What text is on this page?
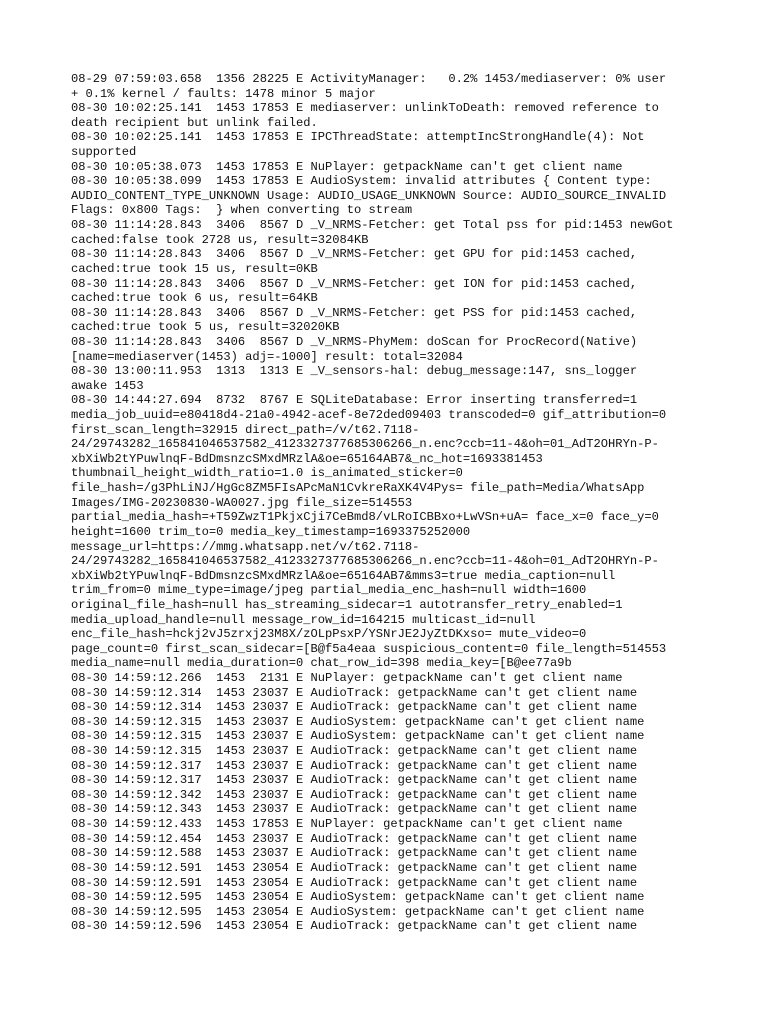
08-29 07:59:03.658  1356 28225 E ActivityManager:   0.2% 1453/mediaserver: 0% user
+ 0.1% kernel / faults: 1478 minor 5 major
08-30 10:02:25.141  1453 17853 E mediaserver: unlinkToDeath: removed reference to
death recipient but unlink failed.
08-30 10:02:25.141  1453 17853 E IPCThreadState: attemptIncStrongHandle(4): Not
supported
08-30 10:05:38.073  1453 17853 E NuPlayer: getpackName can't get client name
08-30 10:05:38.099  1453 17853 E AudioSystem: invalid attributes { Content type:
AUDIO_CONTENT_TYPE_UNKNOWN Usage: AUDIO_USAGE_UNKNOWN Source: AUDIO_SOURCE_INVALID
Flags: 0x800 Tags:  } when converting to stream
08-30 11:14:28.843  3406  8567 D _V_NRMS-Fetcher: get Total pss for pid:1453 newGot
cached:false took 2728 us, result=32084KB
08-30 11:14:28.843  3406  8567 D _V_NRMS-Fetcher: get GPU for pid:1453 cached,
cached:true took 15 us, result=0KB
08-30 11:14:28.843  3406  8567 D _V_NRMS-Fetcher: get ION for pid:1453 cached,
cached:true took 6 us, result=64KB
08-30 11:14:28.843  3406  8567 D _V_NRMS-Fetcher: get PSS for pid:1453 cached,
cached:true took 5 us, result=32020KB
08-30 11:14:28.843  3406  8567 D _V_NRMS-PhyMem: doScan for ProcRecord(Native)
[name=mediaserver(1453) adj=-1000] result: total=32084
08-30 13:00:11.953  1313  1313 E _V_sensors-hal: debug_message:147, sns_logger
awake 1453
08-30 14:44:27.694  8732  8767 E SQLiteDatabase: Error inserting transferred=1
media_job_uuid=e80418d4-21a0-4942-acef-8e72ded09403 transcoded=0 gif_attribution=0
first_scan_length=32915 direct_path=/v/t62.7118-
24/29743282_165841046537582_4123327377685306266_n.enc?ccb=11-4&oh=01_AdT2OHRYn-P-
xbXiWb2tYPuwlnqF-BdDmsnzcSMxdMRzlA&oe=65164AB7&_nc_hot=1693381453
thumbnail_height_width_ratio=1.0 is_animated_sticker=0
file_hash=/g3PhLiNJ/HgGc8ZM5FIsAPcMaN1CvkreRaXK4V4Pys= file_path=Media/WhatsApp
Images/IMG-20230830-WA0027.jpg file_size=514553
partial_media_hash=+T59ZwzT1PkjxCji7CeBmd8/vLRoICBBxo+LwVSn+uA= face_x=0 face_y=0
height=1600 trim_to=0 media_key_timestamp=1693375252000
message_url=https://mmg.whatsapp.net/v/t62.7118-
24/29743282_165841046537582_4123327377685306266_n.enc?ccb=11-4&oh=01_AdT2OHRYn-P-
xbXiWb2tYPuwlnqF-BdDmsnzcSMxdMRzlA&oe=65164AB7&mms3=true media_caption=null
trim_from=0 mime_type=image/jpeg partial_media_enc_hash=null width=1600
original_file_hash=null has_streaming_sidecar=1 autotransfer_retry_enabled=1
media_upload_handle=null message_row_id=164215 multicast_id=null
enc_file_hash=hckj2vJ5zrxj23M8X/zOLpPsxP/YSNrJE2JyZtDKxso= mute_video=0
page_count=0 first_scan_sidecar=[B@f5a4eaa suspicious_content=0 file_length=514553
media_name=null media_duration=0 chat_row_id=398 media_key=[B@ee77a9b
08-30 14:59:12.266  1453  2131 E NuPlayer: getpackName can't get client name
08-30 14:59:12.314  1453 23037 E AudioTrack: getpackName can't get client name
08-30 14:59:12.314  1453 23037 E AudioTrack: getpackName can't get client name
08-30 14:59:12.315  1453 23037 E AudioSystem: getpackName can't get client name
08-30 14:59:12.315  1453 23037 E AudioSystem: getpackName can't get client name
08-30 14:59:12.315  1453 23037 E AudioTrack: getpackName can't get client name
08-30 14:59:12.317  1453 23037 E AudioTrack: getpackName can't get client name
08-30 14:59:12.317  1453 23037 E AudioTrack: getpackName can't get client name
08-30 14:59:12.342  1453 23037 E AudioTrack: getpackName can't get client name
08-30 14:59:12.343  1453 23037 E AudioTrack: getpackName can't get client name
08-30 14:59:12.433  1453 17853 E NuPlayer: getpackName can't get client name
08-30 14:59:12.454  1453 23037 E AudioTrack: getpackName can't get client name
08-30 14:59:12.588  1453 23037 E AudioTrack: getpackName can't get client name
08-30 14:59:12.591  1453 23054 E AudioTrack: getpackName can't get client name
08-30 14:59:12.591  1453 23054 E AudioTrack: getpackName can't get client name
08-30 14:59:12.595  1453 23054 E AudioSystem: getpackName can't get client name
08-30 14:59:12.595  1453 23054 E AudioSystem: getpackName can't get client name
08-30 14:59:12.596  1453 23054 E AudioTrack: getpackName can't get client name
